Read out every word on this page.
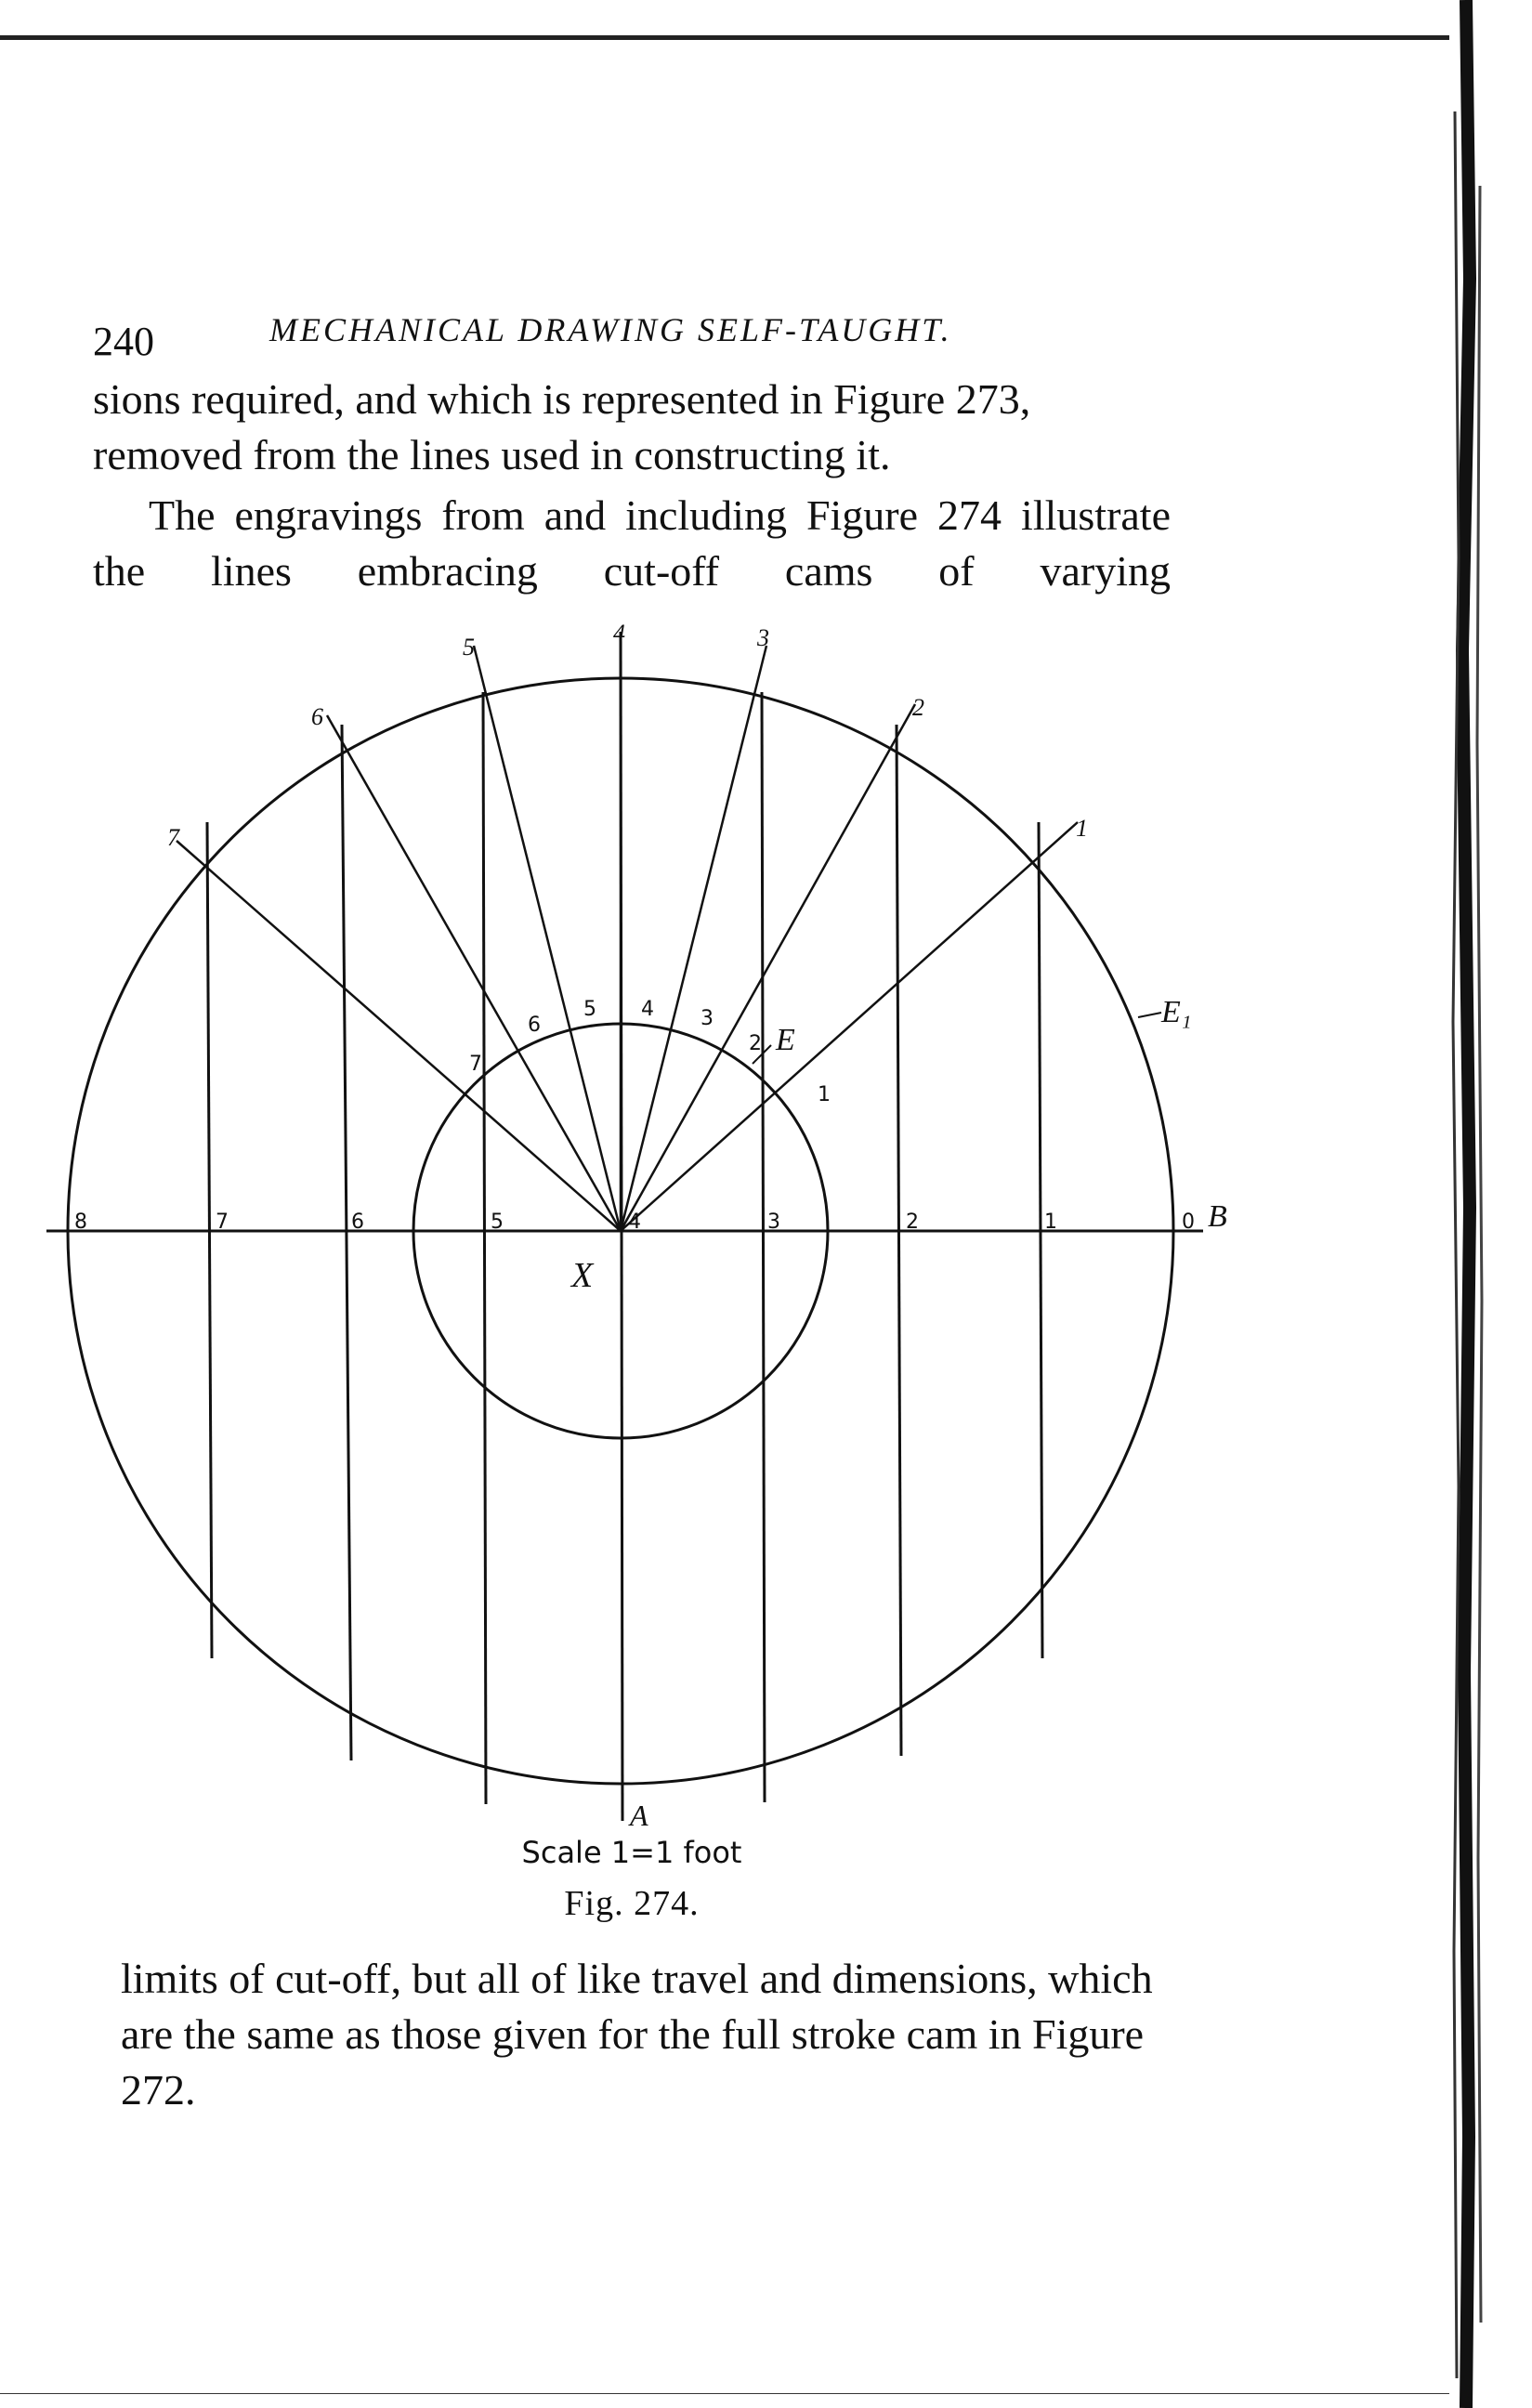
240	MECHANICAL DRAWING SELF-TAUGHT.

sions required, and which is represented in Figure 273, removed from the lines used in constructing it.

The engravings from and including Figure 274 illustrate the lines embracing cut-off cams of varying

1
2
3
4
5
6
7
1
2
3
4
5
6
7
8	7	6	5	4	3	2	1	0
X
E
E₁
B
A
Scale 1=1 foot
Fig. 274.

limits of cut-off, but all of like travel and dimensions, which are the same as those given for the full stroke cam in Figure 272.
